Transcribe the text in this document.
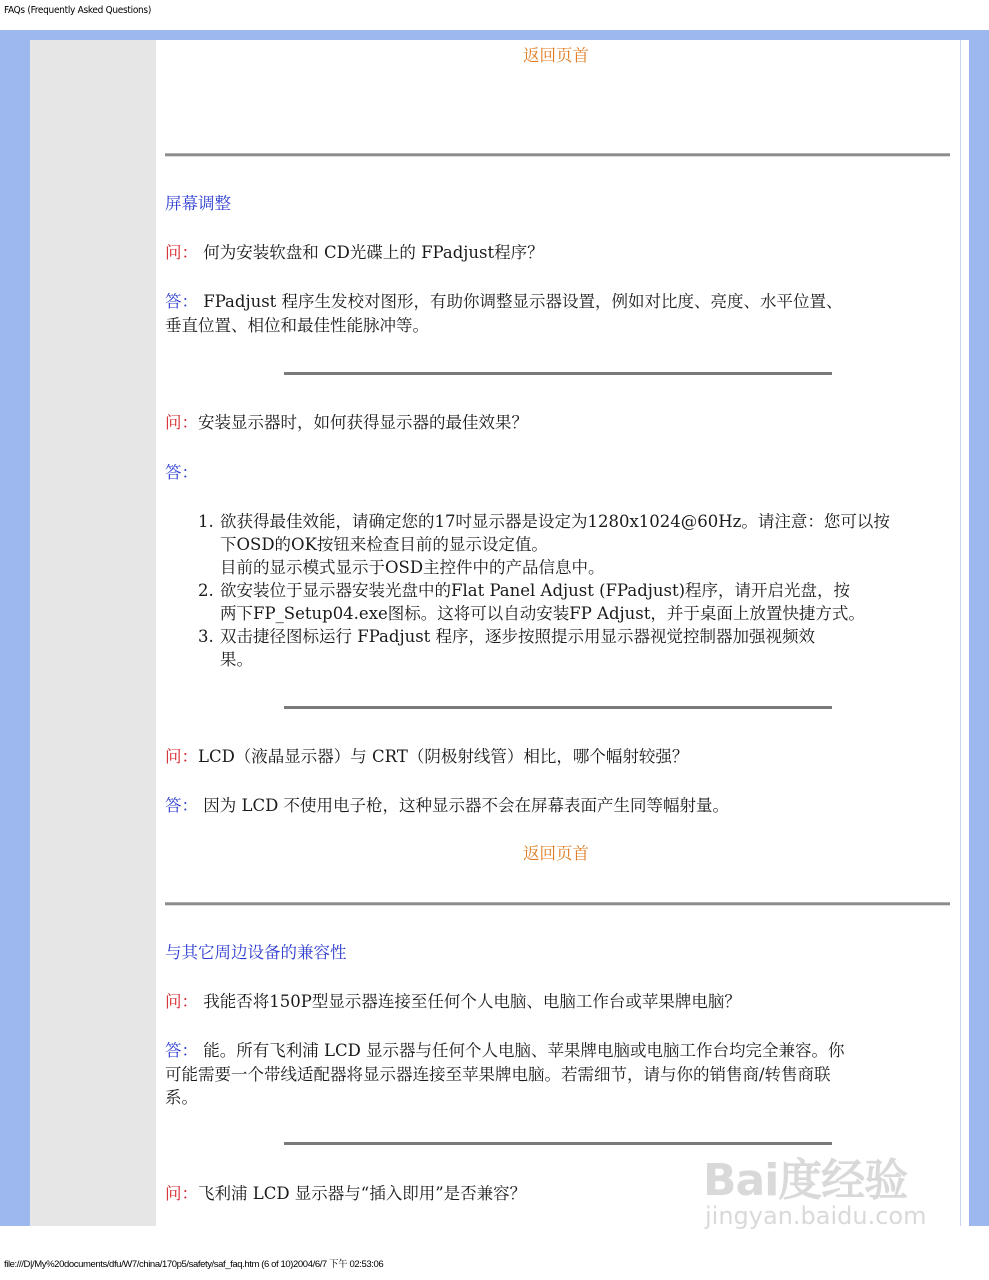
FAQs (Frequently Asked Questions)
返回页首
屏幕调整
问： 何为安装软盘和 CD光碟上的 FPadjust程序？
答： FPadjust 程序生发校对图形，有助你调整显示器设置，例如对比度、亮度、水平位置、
垂直位置、相位和最佳性能脉冲等。
问：安装显示器时，如何获得显示器的最佳效果？
答：
1. 欲获得最佳效能，请确定您的17吋显示器是设定为1280x1024@60Hz。请注意：您可以按
下OSD的OK按钮来检查目前的显示设定值。
目前的显示模式显示于OSD主控件中的产品信息中。
2. 欲安装位于显示器安装光盘中的Flat Panel Adjust (FPadjust)程序，请开启光盘，按
两下FP_Setup04.exe图标。这将可以自动安装FP Adjust，并于桌面上放置快捷方式。
3. 双击捷径图标运行 FPadjust 程序，逐步按照提示用显示器视觉控制器加强视频效
果。
问：LCD（液晶显示器）与 CRT（阴极射线管）相比，哪个幅射较强？
答： 因为 LCD 不使用电子枪，这种显示器不会在屏幕表面产生同等幅射量。
返回页首
与其它周边设备的兼容性
问： 我能否将150P型显示器连接至任何个人电脑、电脑工作台或苹果牌电脑？
答： 能。所有飞利浦 LCD 显示器与任何个人电脑、苹果牌电脑或电脑工作台均完全兼容。你
可能需要一个带线适配器将显示器连接至苹果牌电脑。若需细节，请与你的销售商/转售商联
系。
问：飞利浦 LCD 显示器与“插入即用”是否兼容？	Bai度经验
jingyan.baidu.com
file:///D|/My%20documents/dfu/W7/china/170p5/safety/saf_faq.htm (6 of 10)2004/6/7 下午 02:53:06
